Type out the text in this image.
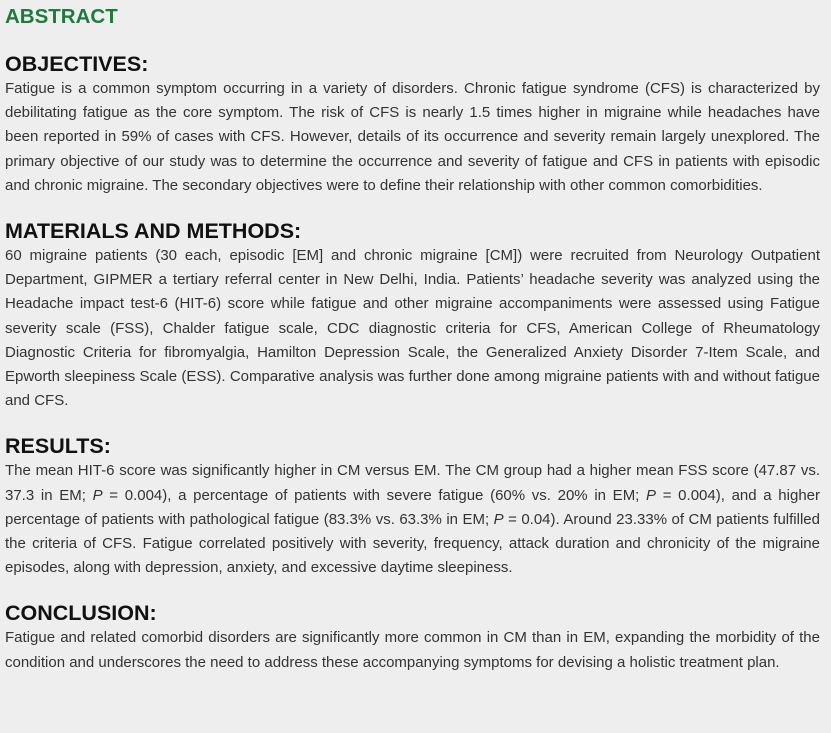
ABSTRACT
OBJECTIVES:
Fatigue is a common symptom occurring in a variety of disorders. Chronic fatigue syndrome (CFS) is characterized by debilitating fatigue as the core symptom. The risk of CFS is nearly 1.5 times higher in migraine while headaches have been reported in 59% of cases with CFS. However, details of its occurrence and severity remain largely unexplored. The primary objective of our study was to determine the occurrence and severity of fatigue and CFS in patients with episodic and chronic migraine. The secondary objectives were to define their relationship with other common comorbidities.
MATERIALS AND METHODS:
60 migraine patients (30 each, episodic [EM] and chronic migraine [CM]) were recruited from Neurology Outpatient Department, GIPMER a tertiary referral center in New Delhi, India. Patients’ headache severity was analyzed using the Headache impact test-6 (HIT-6) score while fatigue and other migraine accompaniments were assessed using Fatigue severity scale (FSS), Chalder fatigue scale, CDC diagnostic criteria for CFS, American College of Rheumatology Diagnostic Criteria for fibromyalgia, Hamilton Depression Scale, the Generalized Anxiety Disorder 7-Item Scale, and Epworth sleepiness Scale (ESS). Comparative analysis was further done among migraine patients with and without fatigue and CFS.
RESULTS:
The mean HIT-6 score was significantly higher in CM versus EM. The CM group had a higher mean FSS score (47.87 vs. 37.3 in EM; P = 0.004), a percentage of patients with severe fatigue (60% vs. 20% in EM; P = 0.004), and a higher percentage of patients with pathological fatigue (83.3% vs. 63.3% in EM; P = 0.04). Around 23.33% of CM patients fulfilled the criteria of CFS. Fatigue correlated positively with severity, frequency, attack duration and chronicity of the migraine episodes, along with depression, anxiety, and excessive daytime sleepiness.
CONCLUSION:
Fatigue and related comorbid disorders are significantly more common in CM than in EM, expanding the morbidity of the condition and underscores the need to address these accompanying symptoms for devising a holistic treatment plan.
